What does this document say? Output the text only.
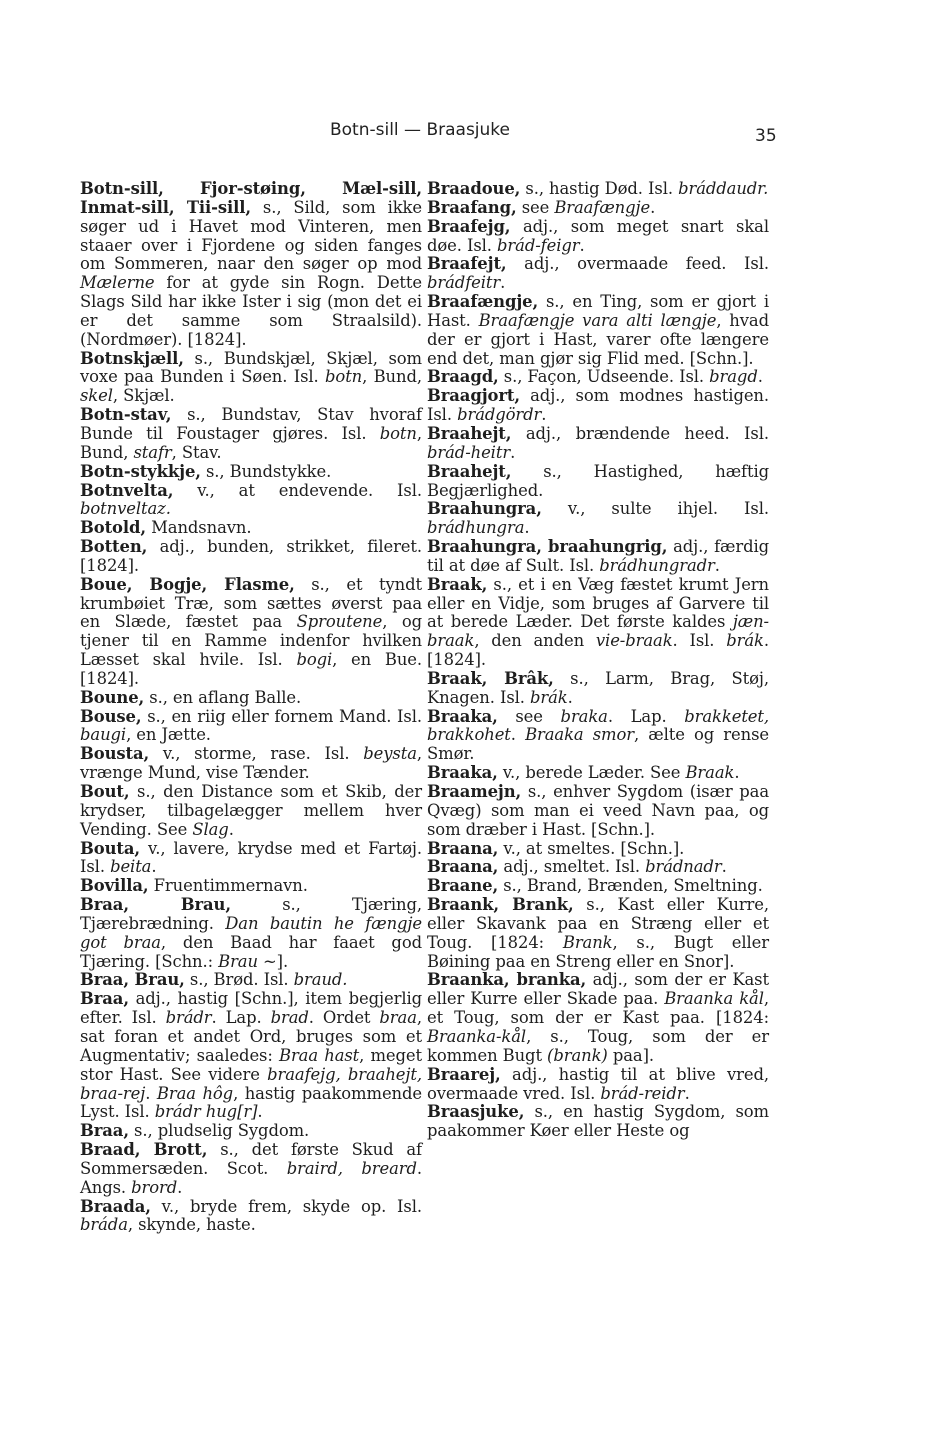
Botn-sill — Braasjuke	35

Botn-sill, Fjor-støing, Mæl-sill, Inmat-sill, Tii-sill, s., Sild, som ikke søger ud i Havet mod Vinteren, men staaer over i Fjordene og siden fanges om Sommeren, naar den søger op mod Mælerne for at gyde sin Rogn. Dette Slags Sild har ikke Ister i sig (mon det ei er det samme som Straalsild). (Nordmøer). [1824].

Botnskjæll, s., Bundskjæl, Skjæl, som voxe paa Bunden i Søen. Isl. botn, Bund, skel, Skjæl.

Botn-stav, s., Bundstav, Stav hvoraf Bunde til Foustager gjøres. Isl. botn, Bund, stafr, Stav.

Botn-stykkje, s., Bundstykke.

Botnvelta, v., at endevende. Isl. botnveltaz.

Botold, Mandsnavn.

Botten, adj., bunden, strikket, fileret. [1824].

Boue, Bogje, Flasme, s., et tyndt krumbøiet Træ, som sættes øverst paa en Slæde, fæstet paa Sproutene, og tjener til en Ramme indenfor hvilken Læsset skal hvile. Isl. bogi, en Bue. [1824].

Boune, s., en aflang Balle.

Bouse, s., en riig eller fornem Mand. Isl. baugi, en Jætte.

Bousta, v., storme, rase. Isl. beysta, vrænge Mund, vise Tænder.

Bout, s., den Distance som et Skib, der krydser, tilbagelægger mellem hver Vending. See Slag.

Bouta, v., lavere, krydse med et Fartøj. Isl. beita.

Bovilla, Fruentimmernavn.

Braa, Brau, s., Tjæring, Tjærebrædning. Dan bautin he fængje got braa, den Baad har faaet god Tjæring. [Schn.: Brau ~].

Braa, Brau, s., Brød. Isl. braud.

Braa, adj., hastig [Schn.], item begjerlig efter. Isl. brádr. Lap. brad. Ordet braa, sat foran et andet Ord, bruges som et Augmentativ; saaledes: Braa hast, meget stor Hast. See videre braafejg, braahejt, braa-rej. Braa hôg, hastig paakommende Lyst. Isl. brádr hug[r].

Braa, s., pludselig Sygdom.

Braad, Brott, s., det første Skud af Sommersæden. Scot. braird, breard. Angs. brord.

Braada, v., bryde frem, skyde op. Isl. bráda, skynde, haste.

Braadoue, s., hastig Død. Isl. bráddaudr.

Braafang, see Braafængje.

Braafejg, adj., som meget snart skal døe. Isl. brád-feigr.

Braafejt, adj., overmaade feed. Isl. brádfeitr.

Braafængje, s., en Ting, som er gjort i Hast. Braafængje vara alti længje, hvad der er gjort i Hast, varer ofte længere end det, man gjør sig Flid med. [Schn.].

Braagd, s., Façon, Udseende. Isl. bragd.

Braagjort, adj., som modnes hastigen. Isl. brádgördr.

Braahejt, adj., brændende heed. Isl. brád-heitr.

Braahejt, s., Hastighed, hæftig Begjærlighed.

Braahungra, v., sulte ihjel. Isl. brádhungra.

Braahungra, braahungrig, adj., færdig til at døe af Sult. Isl. brádhungradr.

Braak, s., et i en Væg fæstet krumt Jern eller en Vidje, som bruges af Garvere til at berede Læder. Det første kaldes jæn-braak, den anden vie-braak. Isl. brák. [1824].

Braak, Brâk, s., Larm, Brag, Støj, Knagen. Isl. brák.

Braaka, see braka. Lap. brakketet, brakkohet. Braaka smor, ælte og rense Smør.

Braaka, v., berede Læder. See Braak.

Braamejn, s., enhver Sygdom (især paa Qvæg) som man ei veed Navn paa, og som dræber i Hast. [Schn.].

Braana, v., at smeltes. [Schn.].

Braana, adj., smeltet. Isl. brádnadr.

Braane, s., Brand, Brænden, Smeltning.

Braank, Brank, s., Kast eller Kurre, eller Skavank paa en Stræng eller et Toug. [1824: Brank, s., Bugt eller Bøining paa en Streng eller en Snor].

Braanka, branka, adj., som der er Kast eller Kurre eller Skade paa. Braanka kål, et Toug, som der er Kast paa. [1824: Braanka-kål, s., Toug, som der er kommen Bugt (brank) paa].

Braarej, adj., hastig til at blive vred, overmaade vred. Isl. brád-reidr.

Braasjuke, s., en hastig Sygdom, som paakommer Køer eller Heste og
